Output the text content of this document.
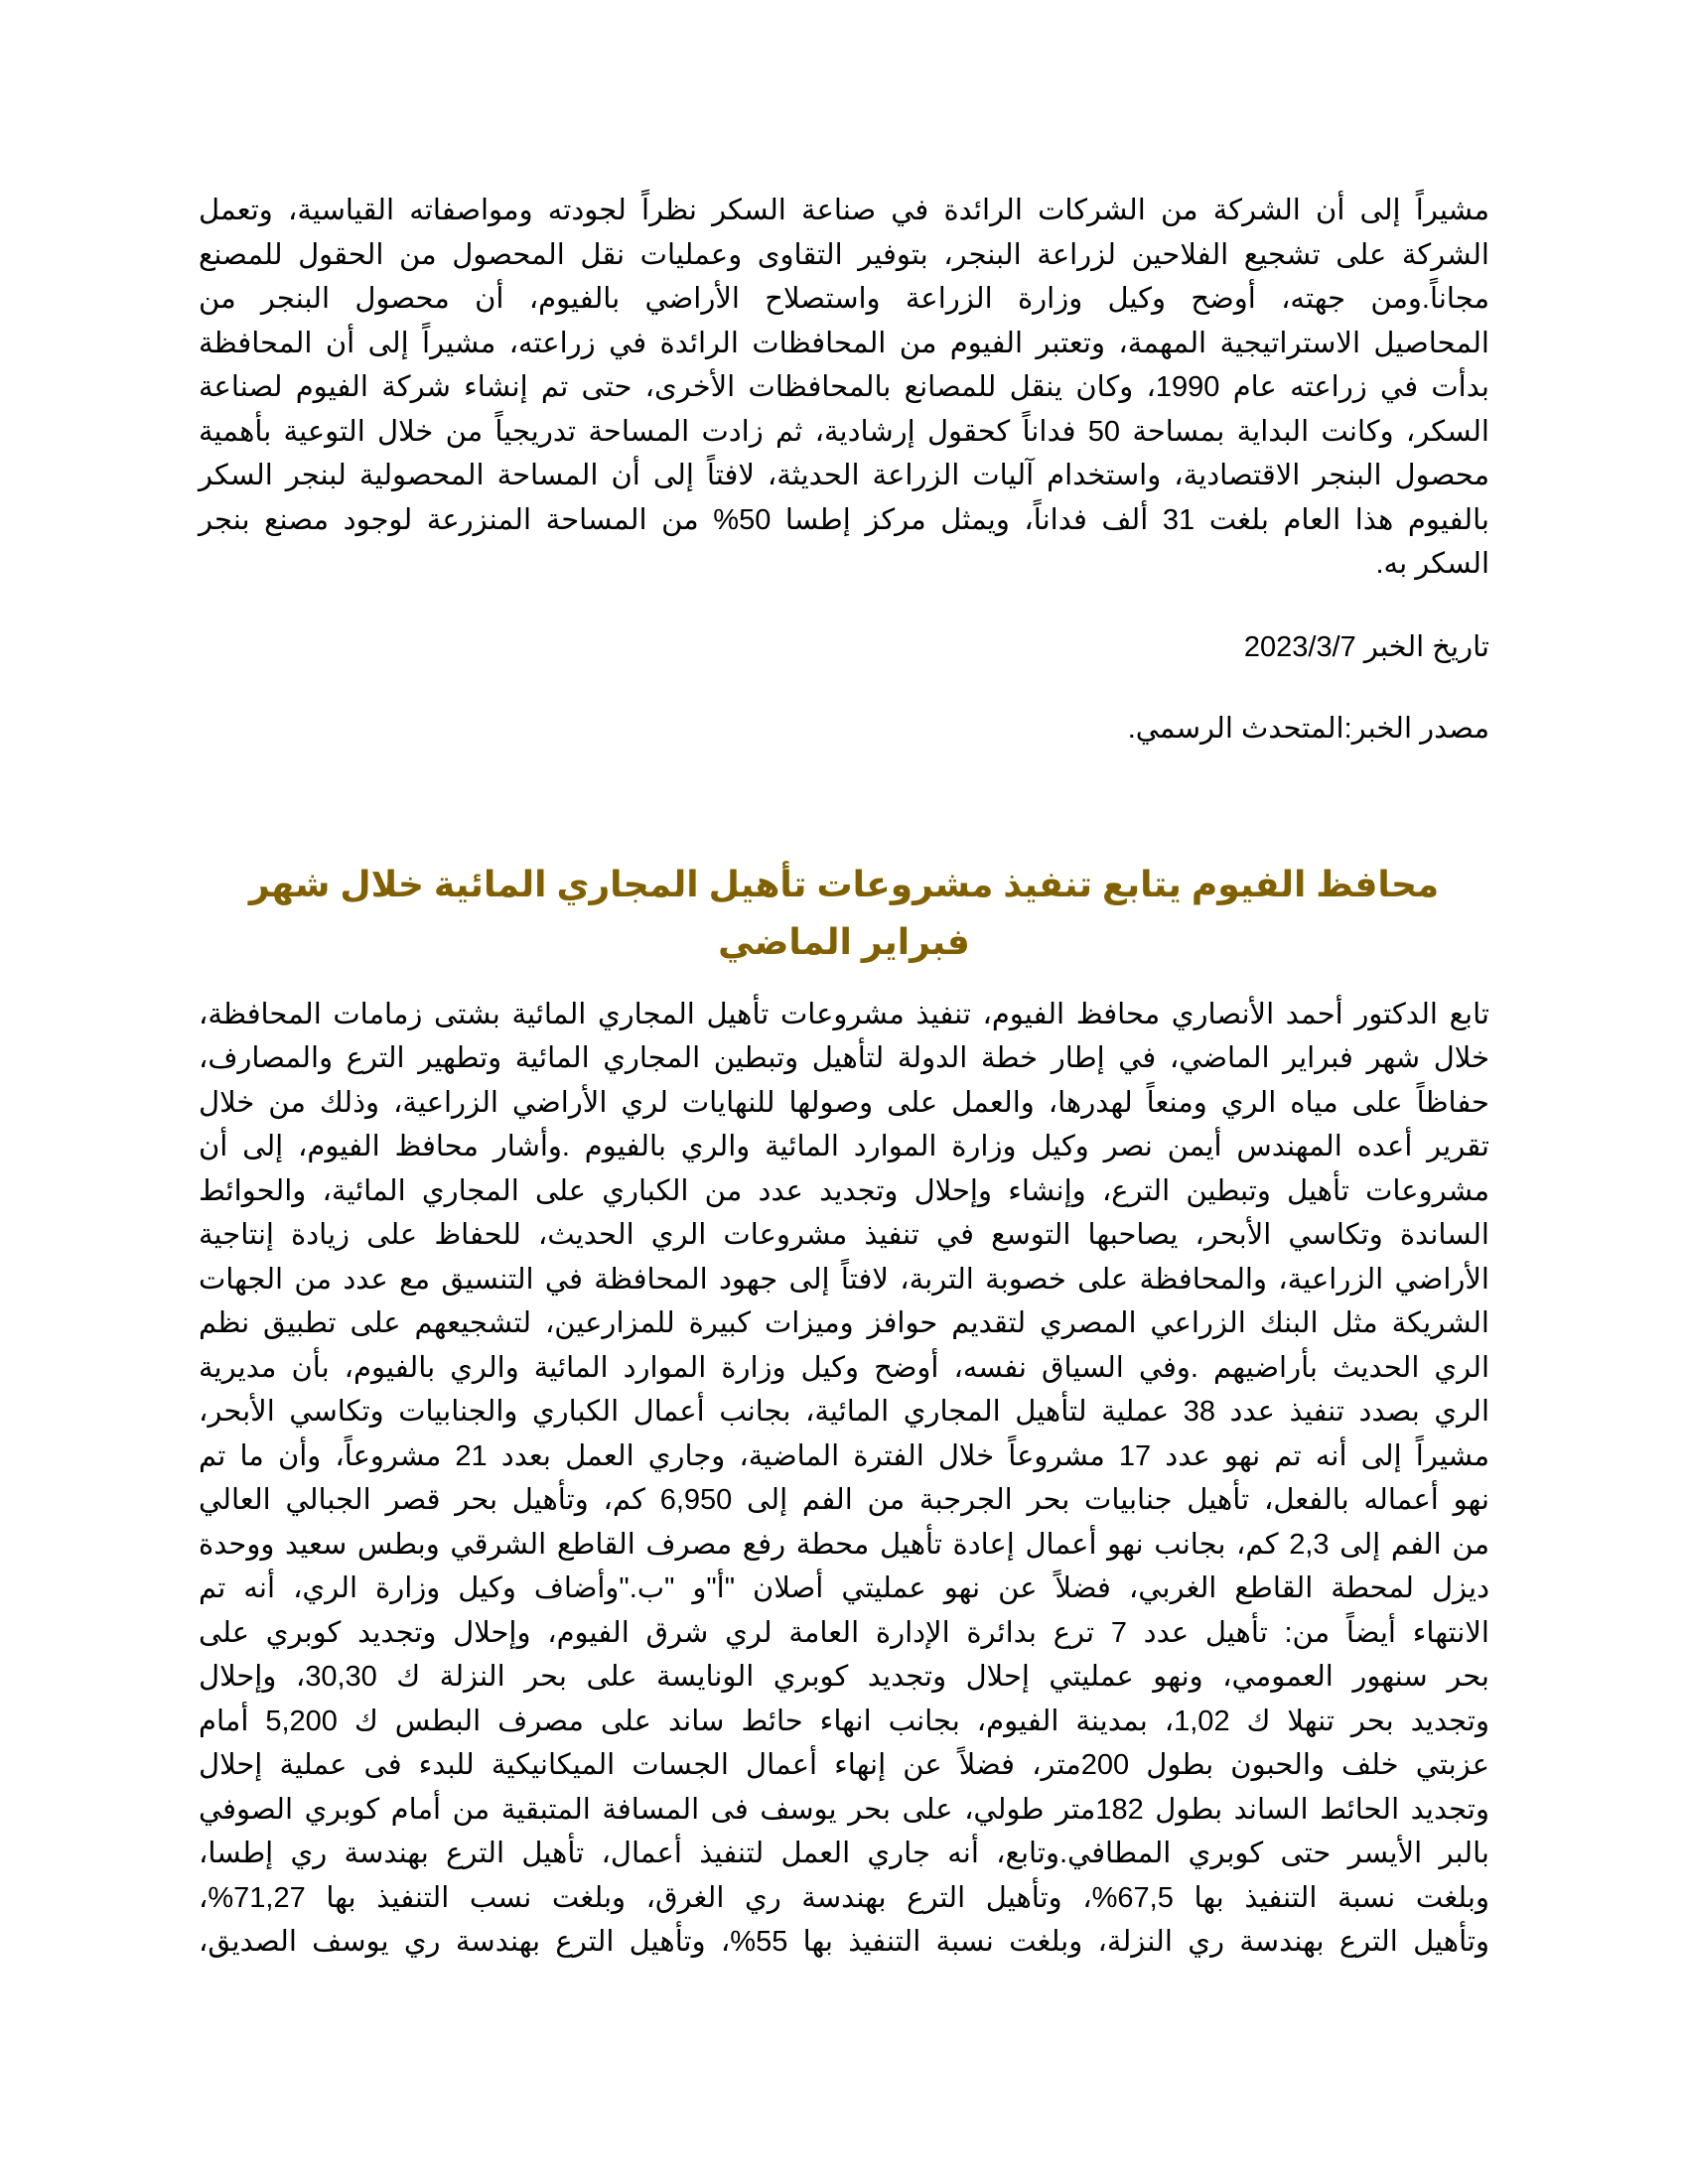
مشيراً إلى أن الشركة من الشركات الرائدة في صناعة السكر نظراً لجودته ومواصفاته القياسية، وتعمل
الشركة على تشجيع الفلاحين لزراعة البنجر، بتوفير التقاوى وعمليات نقل المحصول من الحقول للمصنع
مجاناً.ومن جهته، أوضح وكيل وزارة الزراعة واستصلاح الأراضي بالفيوم، أن محصول البنجر من
المحاصيل الاستراتيجية المهمة، وتعتبر الفيوم من المحافظات الرائدة في زراعته، مشيراً إلى أن المحافظة
بدأت في زراعته عام 1990، وكان ينقل للمصانع بالمحافظات الأخرى، حتى تم إنشاء شركة الفيوم لصناعة
السكر، وكانت البداية بمساحة 50 فداناً كحقول إرشادية، ثم زادت المساحة تدريجياً من خلال التوعية بأهمية
محصول البنجر الاقتصادية، واستخدام آليات الزراعة الحديثة، لافتاً إلى أن المساحة المحصولية لبنجر السكر
بالفيوم هذا العام بلغت 31 ألف فداناً، ويمثل مركز إطسا 50% من المساحة المنزرعة لوجود مصنع بنجر
السكر به.

تاريخ الخبر 2023/3/7

مصدر الخبر:المتحدث الرسمي.

محافظ الفيوم يتابع تنفيذ مشروعات تأهيل المجاري المائية خلال شهر فبراير الماضي
تابع الدكتور أحمد الأنصاري محافظ الفيوم، تنفيذ مشروعات تأهيل المجاري المائية بشتى زمامات المحافظة،
خلال شهر فبراير الماضي، في إطار خطة الدولة لتأهيل وتبطين المجاري المائية وتطهير الترع والمصارف،
حفاظاً على مياه الري ومنعاً لهدرها، والعمل على وصولها للنهايات لري الأراضي الزراعية، وذلك من خلال
تقرير أعده المهندس أيمن نصر وكيل وزارة الموارد المائية والري بالفيوم .وأشار محافظ الفيوم، إلى أن
مشروعات تأهيل وتبطين الترع، وإنشاء وإحلال وتجديد عدد من الكباري على المجاري المائية، والحوائط
الساندة وتكاسي الأبحر، يصاحبها التوسع في تنفيذ مشروعات الري الحديث، للحفاظ على زيادة إنتاجية
الأراضي الزراعية، والمحافظة على خصوبة التربة، لافتاً إلى جهود المحافظة في التنسيق مع عدد من الجهات
الشريكة مثل البنك الزراعي المصري لتقديم حوافز وميزات كبيرة للمزارعين، لتشجيعهم على تطبيق نظم
الري الحديث بأراضيهم .وفي السياق نفسه، أوضح وكيل وزارة الموارد المائية والري بالفيوم، بأن مديرية
الري بصدد تنفيذ عدد 38 عملية لتأهيل المجاري المائية، بجانب أعمال الكباري والجنابيات وتكاسي الأبحر،
مشيراً إلى أنه تم نهو عدد 17 مشروعاً خلال الفترة الماضية، وجاري العمل بعدد 21 مشروعاً، وأن ما تم
نهو أعماله بالفعل، تأهيل جنابيات بحر الجرجبة من الفم إلى 6,950 كم، وتأهيل بحر قصر الجبالي العالي
من الفم إلى 2,3 كم، بجانب نهو أعمال إعادة تأهيل محطة رفع مصرف القاطع الشرقي وبطس سعيد ووحدة
ديزل لمحطة القاطع الغربي، فضلاً عن نهو عمليتي أصلان "أ"و "ب."وأضاف وكيل وزارة الري، أنه تم
الانتهاء أيضاً من: تأهيل عدد 7 ترع بدائرة الإدارة العامة لري شرق الفيوم، وإحلال وتجديد كوبري على
بحر سنهور العمومي، ونهو عمليتي إحلال وتجديد كوبري الونايسة على بحر النزلة ك 30,30، وإحلال
وتجديد بحر تنهلا ك 1,02، بمدينة الفيوم، بجانب انهاء حائط ساند على مصرف البطس ك 5,200 أمام
عزبتي خلف والحبون بطول 200متر، فضلاً عن إنهاء أعمال الجسات الميكانيكية للبدء فى عملية إحلال
وتجديد الحائط الساند بطول 182متر طولي، على بحر يوسف فى المسافة المتبقية من أمام كوبري الصوفي
بالبر الأيسر حتى كوبري المطافي.وتابع، أنه جاري العمل لتنفيذ أعمال، تأهيل الترع بهندسة ري إطسا،
وبلغت نسبة التنفيذ بها 67,5%، وتأهيل الترع بهندسة ري الغرق، وبلغت نسب التنفيذ بها 71,27%،
وتأهيل الترع بهندسة ري النزلة، وبلغت نسبة التنفيذ بها 55%، وتأهيل الترع بهندسة ري يوسف الصديق،
